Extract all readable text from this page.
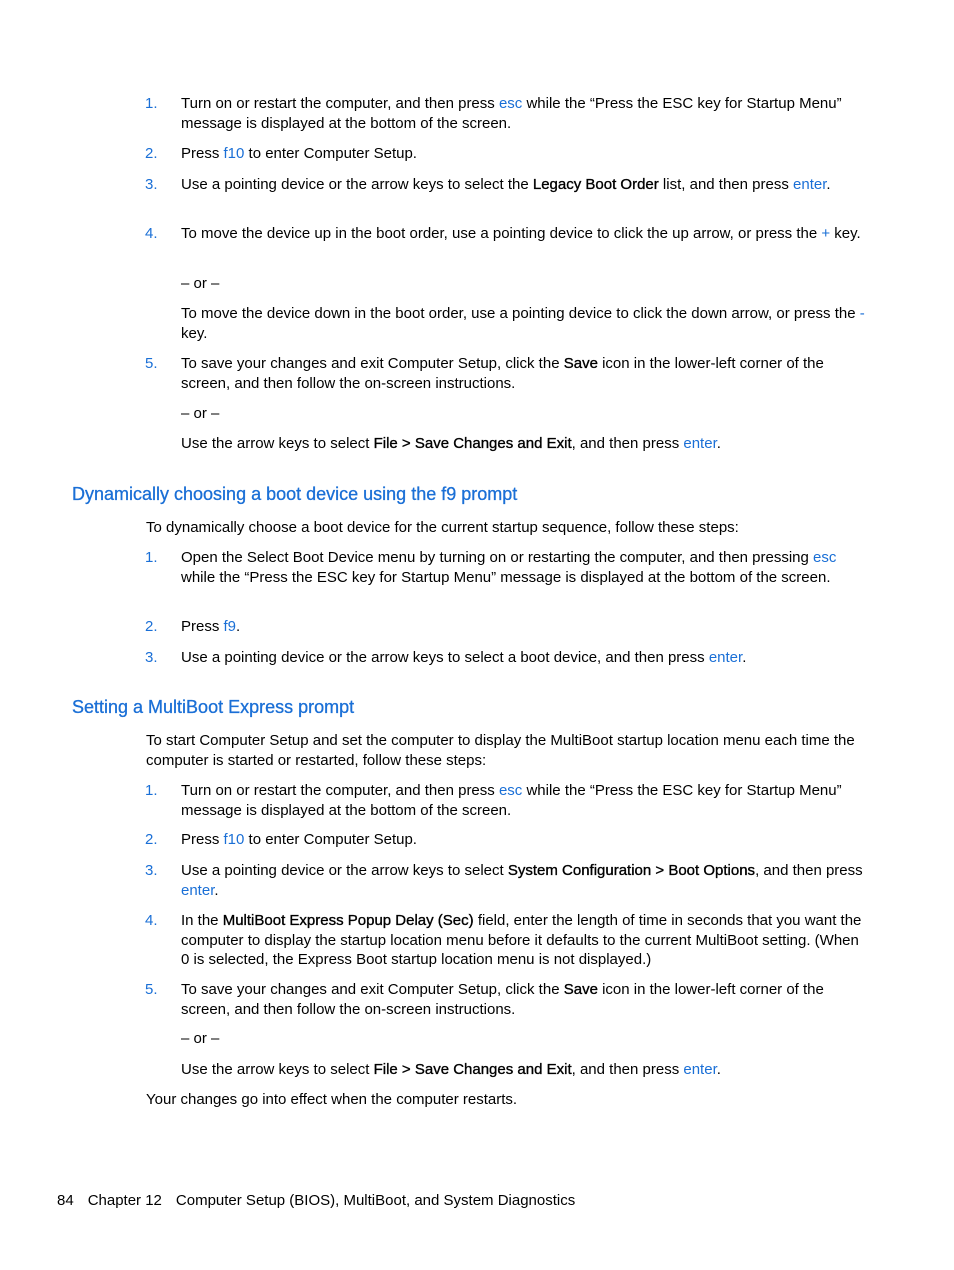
1. Turn on or restart the computer, and then press esc while the “Press the ESC key for Startup Menu” message is displayed at the bottom of the screen.
2. Press f10 to enter Computer Setup.
3. Use a pointing device or the arrow keys to select the Legacy Boot Order list, and then press enter.
4. To move the device up in the boot order, use a pointing device to click the up arrow, or press the + key.
– or –
To move the device down in the boot order, use a pointing device to click the down arrow, or press the - key.
5. To save your changes and exit Computer Setup, click the Save icon in the lower-left corner of the screen, and then follow the on-screen instructions.
– or –
Use the arrow keys to select File > Save Changes and Exit, and then press enter.
Dynamically choosing a boot device using the f9 prompt
To dynamically choose a boot device for the current startup sequence, follow these steps:
1. Open the Select Boot Device menu by turning on or restarting the computer, and then pressing esc while the “Press the ESC key for Startup Menu” message is displayed at the bottom of the screen.
2. Press f9.
3. Use a pointing device or the arrow keys to select a boot device, and then press enter.
Setting a MultiBoot Express prompt
To start Computer Setup and set the computer to display the MultiBoot startup location menu each time the computer is started or restarted, follow these steps:
1. Turn on or restart the computer, and then press esc while the “Press the ESC key for Startup Menu” message is displayed at the bottom of the screen.
2. Press f10 to enter Computer Setup.
3. Use a pointing device or the arrow keys to select System Configuration > Boot Options, and then press enter.
4. In the MultiBoot Express Popup Delay (Sec) field, enter the length of time in seconds that you want the computer to display the startup location menu before it defaults to the current MultiBoot setting. (When 0 is selected, the Express Boot startup location menu is not displayed.)
5. To save your changes and exit Computer Setup, click the Save icon in the lower-left corner of the screen, and then follow the on-screen instructions.
– or –
Use the arrow keys to select File > Save Changes and Exit, and then press enter.
Your changes go into effect when the computer restarts.
84 Chapter 12 Computer Setup (BIOS), MultiBoot, and System Diagnostics
